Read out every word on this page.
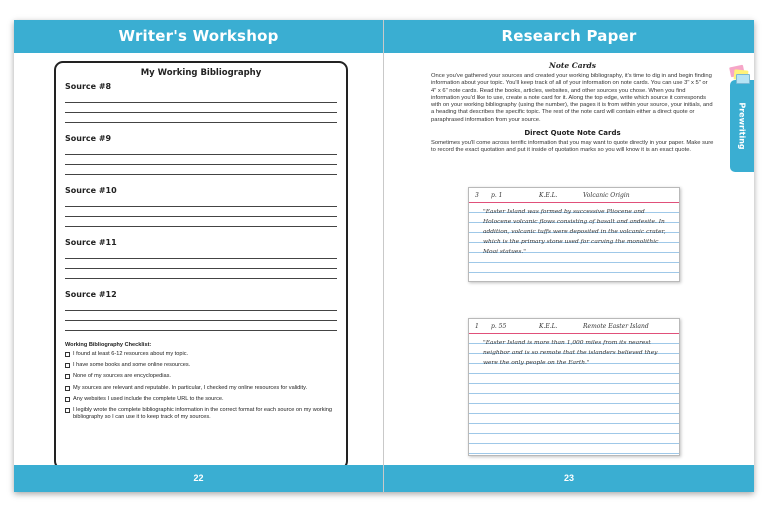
Writer's Workshop
My Working Bibliography
Source #8
Source #9
Source #10
Source #11
Source #12
Working Bibliography Checklist:
I found at least 6-12 resources about my topic.
I have some books and some online resources.
None of my sources are encyclopedias.
My sources are relevant and reputable. In particular, I checked my online resources for validity.
Any websites I used include the complete URL to the source.
I legibly wrote the complete bibliographic information in the correct format for each source on my working bibliography so I can use it to keep track of my sources.
22
Research Paper
Prewriting
Note Cards
Once you've gathered your sources and created your working bibliography, it's time to dig in and begin finding information about your topic. You'll keep track of all of your information on note cards. You can use 3" x 5" or 4" x 6" note cards. Read the books, articles, websites, and other sources you chose. When you find information you'd like to use, create a note card for it. Along the top edge, write which source it corresponds with on your working bibliography (using the number), the pages it is from within your source, your initials, and a heading that describes the specific topic. The rest of the note card will contain either a direct quote or paraphrased information from your source.
Direct Quote Note Cards
Sometimes you'll come across terrific information that you may want to quote directly in your paper. Make sure to record the exact quotation and put it inside of quotation marks so you will know it is an exact quote.
3 p. 1	K.E.L.	Volcanic Origin
"Easter Island was formed by successive Pliocene and Holocene volcanic flows consisting of basalt and andesite. In addition, volcanic tuffs were deposited in the volcanic crater, which is the primary stone used for carving the monolithic Moai statues."
1 p. 55	K.E.L.	Remote Easter Island
"Easter Island is more than 1,000 miles from its nearest neighbor and is so remote that the islanders believed they were the only people on the Earth."
23
